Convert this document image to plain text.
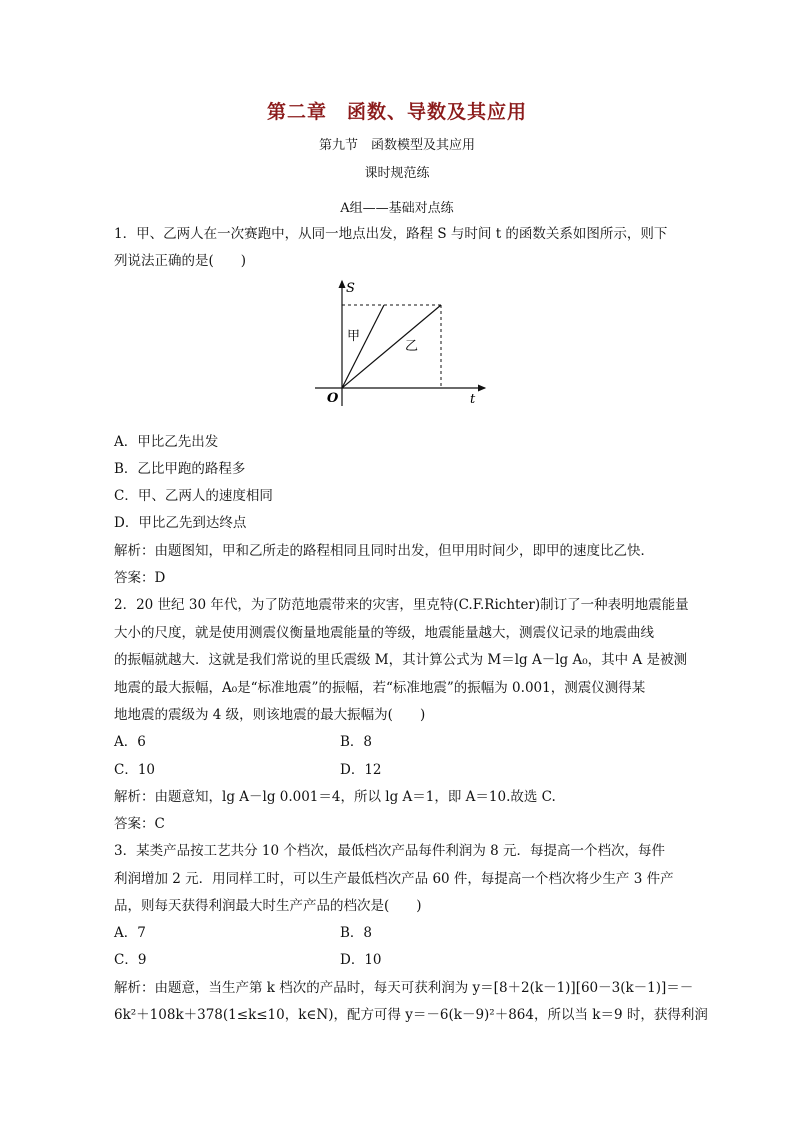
第二章　函数、导数及其应用
第九节　函数模型及其应用
课时规范练
A组——基础对点练
1．甲、乙两人在一次赛跑中，从同一地点出发，路程 S 与时间 t 的函数关系如图所示，则下
列说法正确的是(　　)
S
t
O
甲
乙
A．甲比乙先出发
B．乙比甲跑的路程多
C．甲、乙两人的速度相同
D．甲比乙先到达终点
解析：由题图知，甲和乙所走的路程相同且同时出发，但甲用时间少，即甲的速度比乙快．
答案：D
2．20 世纪 30 年代，为了防范地震带来的灾害，里克特(C.F.Richter)制订了一种表明地震能量
大小的尺度，就是使用测震仪衡量地震能量的等级，地震能量越大，测震仪记录的地震曲线
的振幅就越大．这就是我们常说的里氏震级 M，其计算公式为 M＝lg A－lg A₀，其中 A 是被测
地震的最大振幅，A₀是“标准地震”的振幅，若“标准地震”的振幅为 0.001，测震仪测得某
地地震的震级为 4 级，则该地震的最大振幅为(　　)
A．6	B．8
C．10	D．12
解析：由题意知，lg A－lg 0.001＝4，所以 lg A＝1，即 A＝10.故选 C.
答案：C
3．某类产品按工艺共分 10 个档次，最低档次产品每件利润为 8 元．每提高一个档次，每件
利润增加 2 元．用同样工时，可以生产最低档次产品 60 件，每提高一个档次将少生产 3 件产
品，则每天获得利润最大时生产产品的档次是(　　)
A．7	B．8
C．9	D．10
解析：由题意，当生产第 k 档次的产品时，每天可获利润为 y＝[8＋2(k－1)][60－3(k－1)]＝－
6k²＋108k＋378(1≤k≤10，k∈N)，配方可得 y＝－6(k－9)²＋864，所以当 k＝9 时，获得利润
